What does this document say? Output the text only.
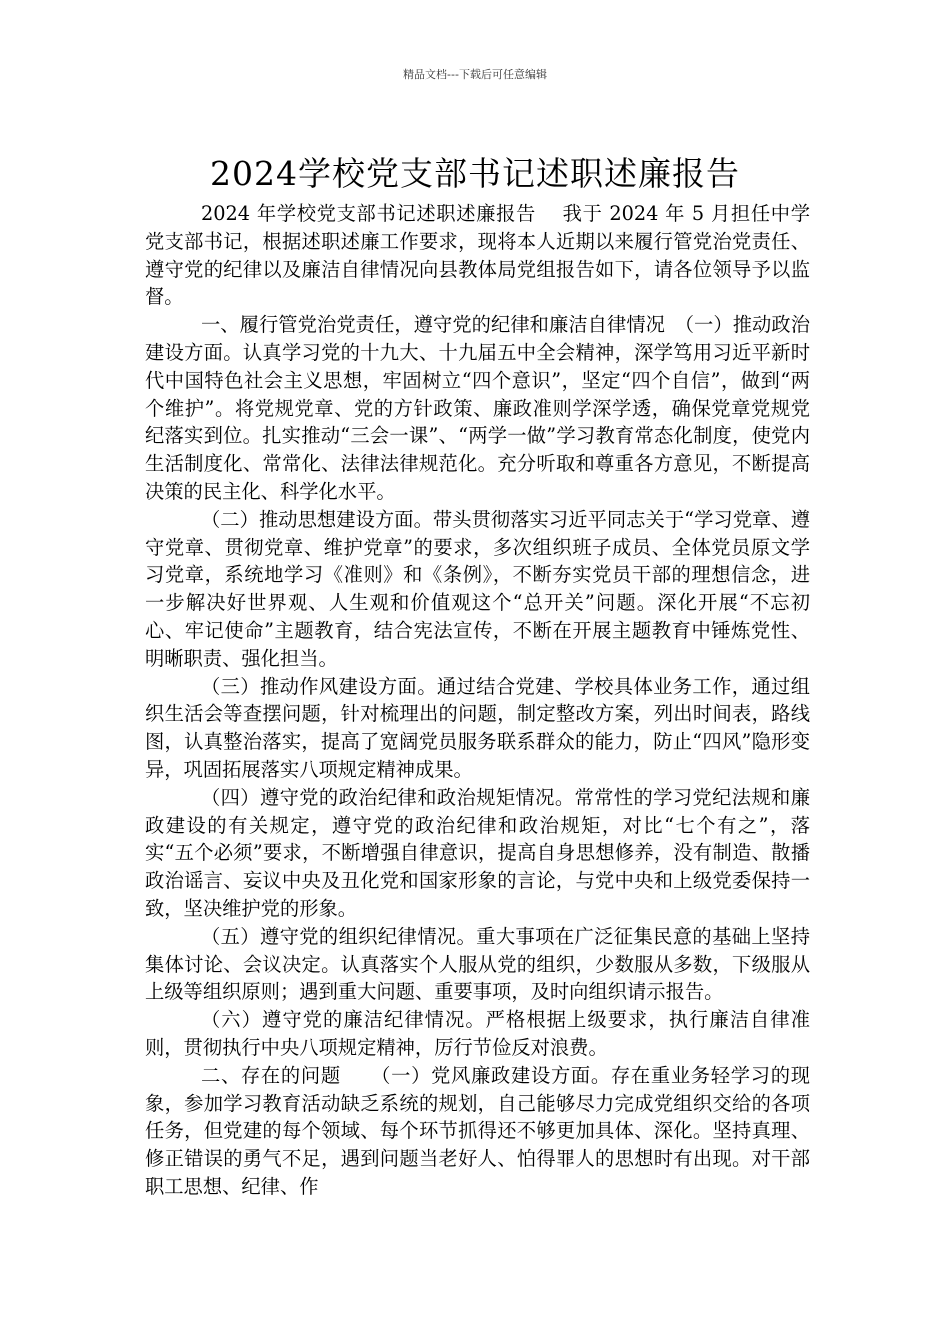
精品文档---下载后可任意编辑
2024学校党支部书记述职述廉报告

2024 年学校党支部书记述职述廉报告　 我于 2024 年 5 月担任中学党支部书记，根据述职述廉工作要求，现将本人近期以来履行管党治党责任、遵守党的纪律以及廉洁自律情况向县教体局党组报告如下，请各位领导予以监督。

一、履行管党治党责任，遵守党的纪律和廉洁自律情况　（一）推动政治建设方面。认真学习党的十九大、十九届五中全会精神，深学笃用习近平新时代中国特色社会主义思想，牢固树立“四个意识”，坚定“四个自信”，做到“两个维护”。将党规党章、党的方针政策、廉政准则学深学透，确保党章党规党纪落实到位。扎实推动“三会一课”、“两学一做”学习教育常态化制度，使党内生活制度化、常常化、法律法律规范化。充分听取和尊重各方意见，不断提高决策的民主化、科学化水平。

（二）推动思想建设方面。带头贯彻落实习近平同志关于“学习党章、遵守党章、贯彻党章、维护党章”的要求，多次组织班子成员、全体党员原文学习党章，系统地学习《准则》和《条例》，不断夯实党员干部的理想信念，进一步解决好世界观、人生观和价值观这个“总开关”问题。深化开展“不忘初心、牢记使命”主题教育，结合宪法宣传，不断在开展主题教育中锤炼党性、明晰职责、强化担当。

（三）推动作风建设方面。通过结合党建、学校具体业务工作，通过组织生活会等查摆问题，针对梳理出的问题，制定整改方案，列出时间表，路线图，认真整治落实，提高了宽阔党员服务联系群众的能力，防止“四风”隐形变异，巩固拓展落实八项规定精神成果。

（四）遵守党的政治纪律和政治规矩情况。常常性的学习党纪法规和廉政建设的有关规定，遵守党的政治纪律和政治规矩，对比“七个有之”，落实“五个必须”要求，不断增强自律意识，提高自身思想修养，没有制造、散播政治谣言、妄议中央及丑化党和国家形象的言论，与党中央和上级党委保持一致，坚决维护党的形象。

（五）遵守党的组织纪律情况。重大事项在广泛征集民意的基础上坚持集体讨论、会议决定。认真落实个人服从党的组织，少数服从多数，下级服从上级等组织原则；遇到重大问题、重要事项，及时向组织请示报告。

（六）遵守党的廉洁纪律情况。严格根据上级要求，执行廉洁自律准则，贯彻执行中央八项规定精神，厉行节俭反对浪费。

二、存在的问题　　（一）党风廉政建设方面。存在重业务轻学习的现象，参加学习教育活动缺乏系统的规划，自己能够尽力完成党组织交给的各项任务，但党建的每个领域、每个环节抓得还不够更加具体、深化。坚持真理、修正错误的勇气不足，遇到问题当老好人、怕得罪人的思想时有出现。对干部职工思想、纪律、作
